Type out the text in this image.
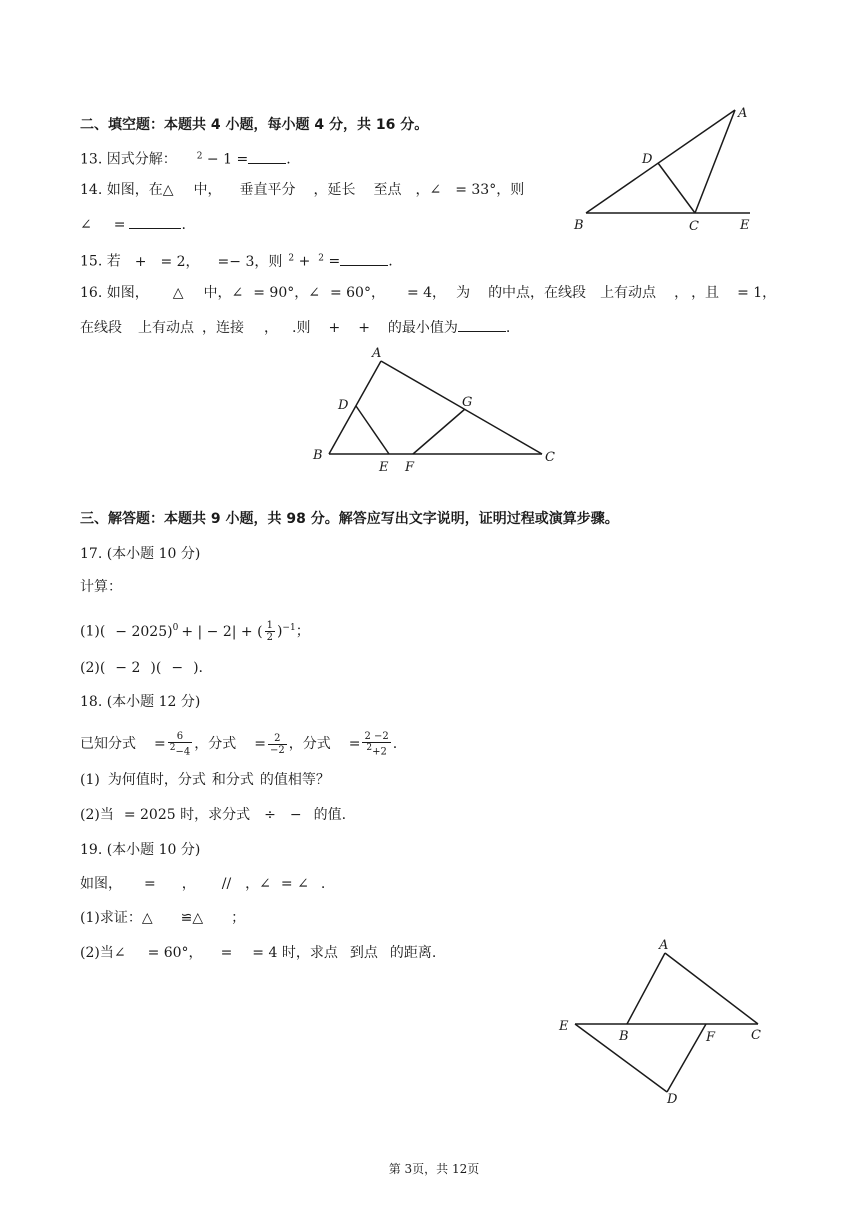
二、填空题：本题共 4 小题，每小题 4 分，共 16 分。
13. 因式分解： $^2$ − 1 =	.
14. 如图，在△ 中， 垂直平分 ，延长 至点 ，∠ = 33°，则
∠ =	.
A
D
B	C	E
15. 若 + = 2， =− 3，则 $^2$ + $^2$ =	.
16. 如图， △ 中，∠ = 90°，∠ = 60°， = 4， 为 的中点，在线段 上有动点 ， ，且 = 1，
在线段 上有动点 ，连接 ， .则 + + 的最小值为	.
A
D	G
B
E F
C
三、解答题：本题共 9 小题，共 98 分。解答应写出文字说明，证明过程或演算步骤。
17. (本小题 10 分)
计算：
$(1)( - 2025)^0$ + | − 2| + ( $\frac{1}{2} )^{-1}$；
(2)( − 2 )( − ).
18. (本小题 12 分)
已知分式 = $\frac{6}{^2-4}$ ，分式 = $\frac{2}{-2}$ ，分式 = $\frac{2 -2}{^2+2}$ .
(1) 为何值时，分式 和分式 的值相等？
(2)当 = 2025 时，求分式 ÷ − 的值.
19. (本小题 10 分)
如图， = ， // ，∠ = ∠ .
(1)求证：△ ≌△ ；
(2)当∠ = 60°， = = 4 时，求点 到点 的距离.	A
E
B	F	C
D
第 3页，共 12页
